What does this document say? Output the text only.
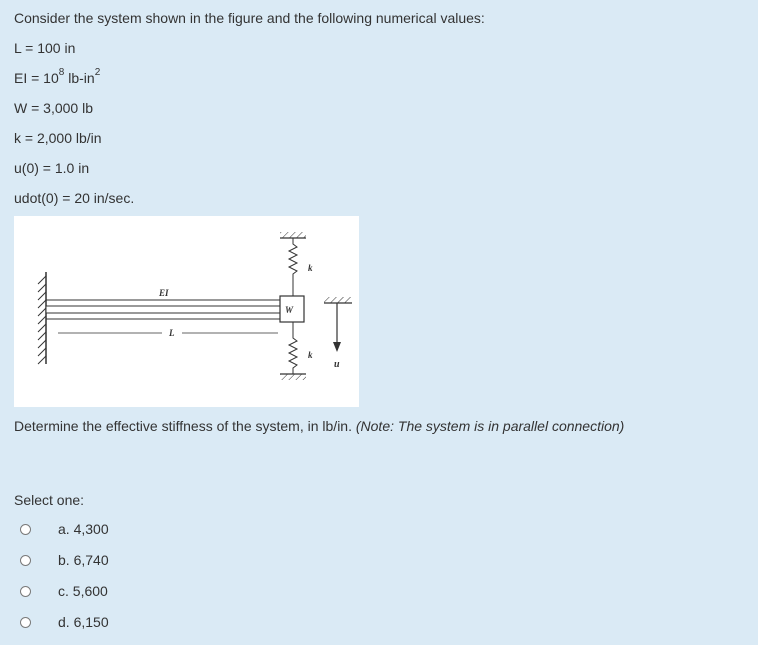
Consider the system shown in the figure and the following numerical values:
L = 100 in
EI = $10^8$ $lb-in^2$
W = 3,000 lb
k = 2,000 lb/in
u(0) = 1.0 in
udot(0) = 20 in/sec.
EI
L
W
k
k
u
Determine the effective stiffness of the system, in lb/in. (Note: The system is in parallel connection)
Select one:
a. 4,300
b. 6,740
c. 5,600
d. 6,150
